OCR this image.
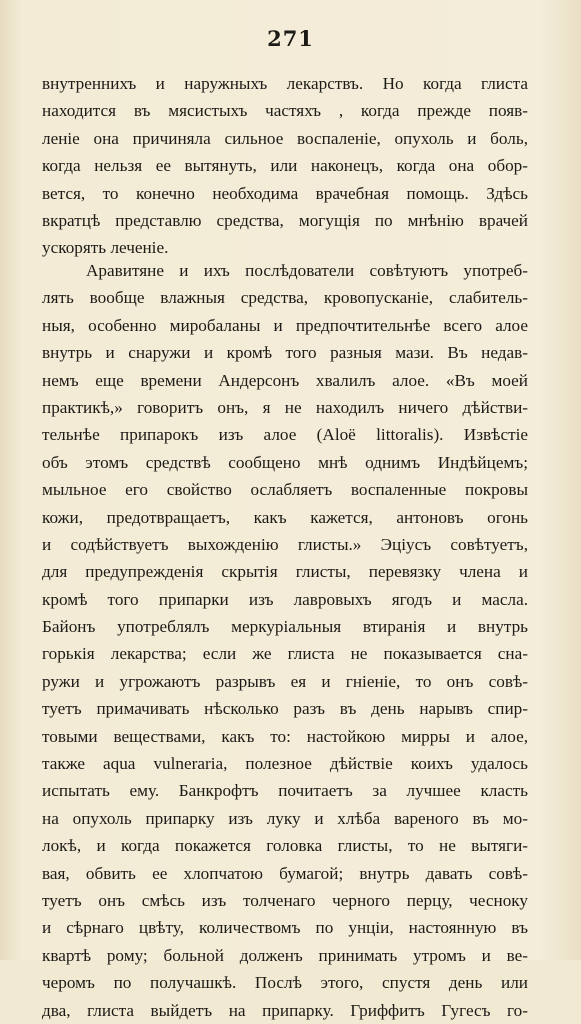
271
внутреннихъ и наружныхъ лекарствъ. Но когда глиста
находится въ мясистыхъ частяхъ , когда прежде появ-
леніе она причиняла сильное воспаленіе, опухоль и боль,
когда нельзя ее вытянуть, или наконецъ, когда она обор-
вется, то конечно необходима врачебная помощь. Здѣсь
вкратцѣ представлю средства, могущія по мнѣнію врачей
ускорять леченіе.
Аравитяне и ихъ послѣдователи совѣтуютъ употреб-
лять вообще влажныя средства, кровопусканіе, слабитель-
ныя, особенно миробаланы и предпочтительнѣе всего алое
внутрь и снаружи и кромѣ того разныя мази. Въ недав-
немъ еще времени Андерсонъ хвалилъ алое. «Въ моей
практикѣ,» говоритъ онъ, я не находилъ ничего дѣйстви-
тельнѣе припарокъ изъ алое (Aloë littoralis). Извѣстіе
объ этомъ средствѣ сообщено мнѣ однимъ Индѣйцемъ;
мыльное его свойство ослабляетъ воспаленные покровы
кожи, предотвращаетъ, какъ кажется, антоновъ огонь
и содѣйствуетъ выхожденію глисты.» Эціусъ совѣтуетъ,
для предупрежденія скрытія глисты, перевязку члена и
кромѣ того припарки изъ лавровыхъ ягодъ и масла.
Байонъ употреблялъ меркуріальныя втиранія и внутрь
горькія лекарства; если же глиста не показывается сна-
ружи и угрожаютъ разрывъ ея и гніеніе, то онъ совѣ-
туетъ примачивать нѣсколько разъ въ день нарывъ спир-
товыми веществами, какъ то: настойкою мирры и алое,
также aqua vulneraria, полезное дѣйствіе коихъ удалось
испытать ему. Банкрофтъ почитаетъ за лучшее класть
на опухоль припарку изъ луку и хлѣба вареного въ мо-
локѣ, и когда покажется головка глисты, то не вытяги-
вая, обвить ее хлопчатою бумагой; внутрь давать совѣ-
туетъ онъ смѣсь изъ толченаго черного перцу, чесноку
и сѣрнаго цвѣту, количествомъ по унціи, настоянную въ
квартѣ рому; больной долженъ принимать утромъ и ве-
черомъ по получашкѣ. Послѣ этого, спустя день или
два, глиста выйдетъ на припарку. Гриффитъ Гугесъ го-
